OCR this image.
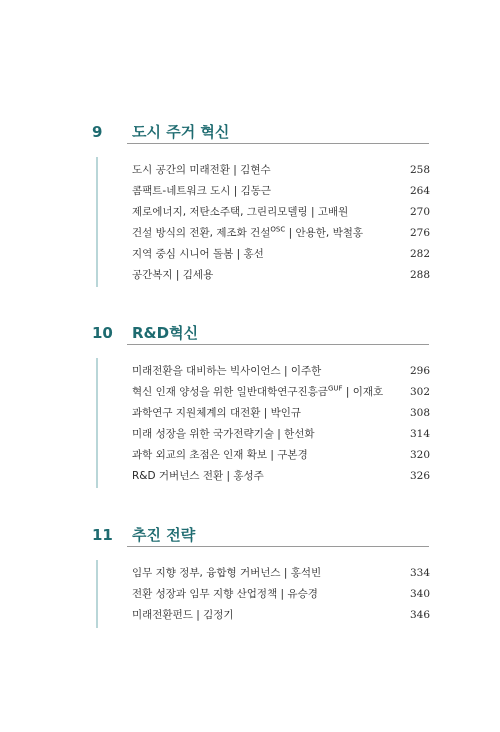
9 도시 주거 혁신
도시 공간의 미래전환 | 김현수	258
콤팩트-네트워크 도시 | 김동근	264
제로에너지, 저탄소주택, 그린리모델링 | 고배원	270
건설 방식의 전환, 제조화 건설$^{OSC}$ | 안용한, 박철홍	276
지역 중심 시니어 돌봄 | 홍선	282
공간복지 | 김세용	288
10 R&D혁신
미래전환을 대비하는 빅사이언스 | 이주한	296
혁신 인재 양성을 위한 일반대학연구진흥금$^{GUF}$ | 이재호	302
과학연구 지원체계의 대전환 | 박인규	308
미래 성장을 위한 국가전략기술 | 한선화	314
과학 외교의 초점은 인재 확보 | 구본경	320
R&D 거버넌스 전환 | 홍성주	326
11 추진 전략
임무 지향 정부, 융합형 거버넌스 | 홍석빈	334
전환 성장과 임무 지향 산업정책 | 유승경	340
미래전환펀드 | 김정기	346
